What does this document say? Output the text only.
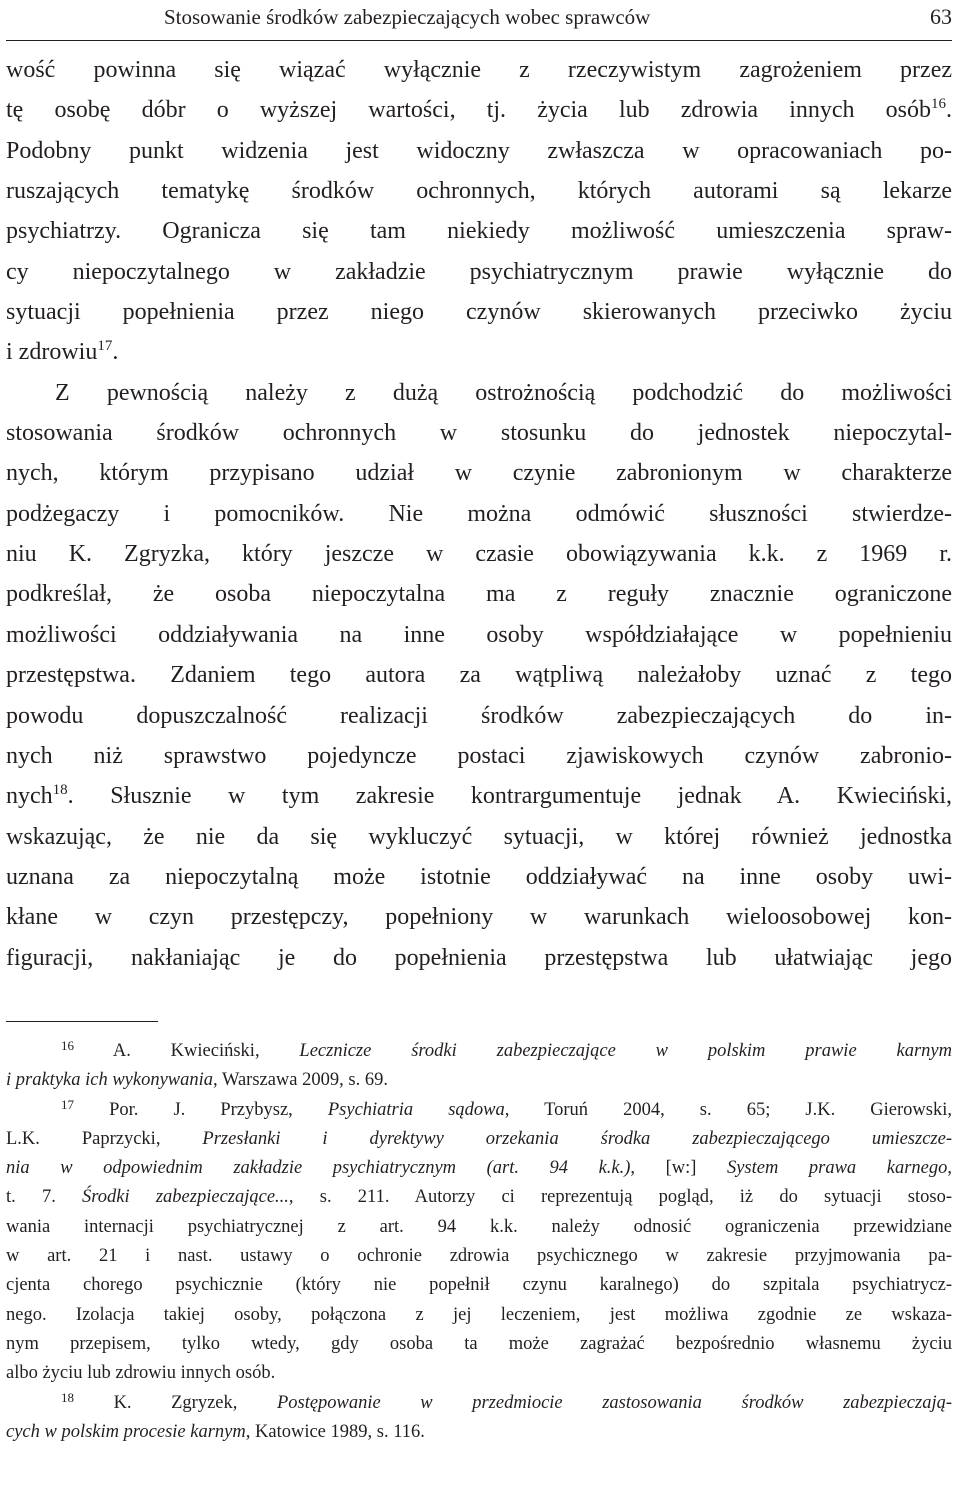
Stosowanie środków zabezpieczających wobec sprawców	63
wość powinna się wiązać wyłącznie z rzeczywistym zagrożeniem przez
tę osobę dóbr o wyższej wartości, tj. życia lub zdrowia innych osób$^{16}$.
Podobny punkt widzenia jest widoczny zwłaszcza w opracowaniach po-
ruszających tematykę środków ochronnych, których autorami są lekarze
psychiatrzy. Ogranicza się tam niekiedy możliwość umieszczenia spraw-
cy niepoczytalnego w zakładzie psychiatrycznym prawie wyłącznie do
sytuacji popełnienia przez niego czynów skierowanych przeciwko życiu
i zdrowiu$^{17}$.
Z pewnością należy z dużą ostrożnością podchodzić do możliwości
stosowania środków ochronnych w stosunku do jednostek niepoczytal-
nych, którym przypisano udział w czynie zabronionym w charakterze
podżegaczy i pomocników. Nie można odmówić słuszności stwierdze-
niu K. Zgryzka, który jeszcze w czasie obowiązywania k.k. z 1969 r.
podkreślał, że osoba niepoczytalna ma z reguły znacznie ograniczone
możliwości oddziaływania na inne osoby współdziałające w popełnieniu
przestępstwa. Zdaniem tego autora za wątpliwą należałoby uznać z tego
powodu dopuszczalność realizacji środków zabezpieczających do in-
nych niż sprawstwo pojedyncze postaci zjawiskowych czynów zabronio-
nych$^{18}$. Słusznie w tym zakresie kontrargumentuje jednak A. Kwieciński,
wskazując, że nie da się wykluczyć sytuacji, w której również jednostka
uznana za niepoczytalną może istotnie oddziaływać na inne osoby uwi-
kłane w czyn przestępczy, popełniony w warunkach wieloosobowej kon-
figuracji, nakłaniając je do popełnienia przestępstwa lub ułatwiając jego
$^{16}$ A. Kwieciński, Lecznicze środki zabezpieczające w polskim prawie karnym
i praktyka ich wykonywania, Warszawa 2009, s. 69.
$^{17}$ Por. J. Przybysz, Psychiatria sądowa, Toruń 2004, s. 65; J.K. Gierowski,
L.K. Paprzycki, Przesłanki i dyrektywy orzekania środka zabezpieczającego umieszcze-
nia w odpowiednim zakładzie psychiatrycznym (art. 94 k.k.), [w:] System prawa karnego,
t. 7. Środki zabezpieczające..., s. 211. Autorzy ci reprezentują pogląd, iż do sytuacji stoso-
wania internacji psychiatrycznej z art. 94 k.k. należy odnosić ograniczenia przewidziane
w art. 21 i nast. ustawy o ochronie zdrowia psychicznego w zakresie przyjmowania pa-
cjenta chorego psychicznie (który nie popełnił czynu karalnego) do szpitala psychiatrycz-
nego. Izolacja takiej osoby, połączona z jej leczeniem, jest możliwa zgodnie ze wskaza-
nym przepisem, tylko wtedy, gdy osoba ta może zagrażać bezpośrednio własnemu życiu
albo życiu lub zdrowiu innych osób.
$^{18}$ K. Zgryzek, Postępowanie w przedmiocie zastosowania środków zabezpieczają-
cych w polskim procesie karnym, Katowice 1989, s. 116.
